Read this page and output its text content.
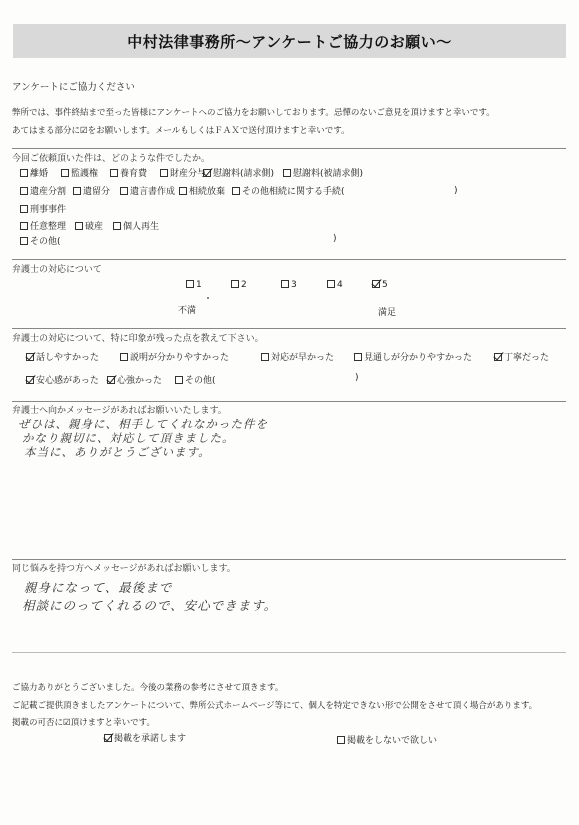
中村法律事務所〜アンケートご協力のお願い〜
アンケートにご協力ください
弊所では、事件終結まで至った皆様にアンケートへのご協力をお願いしております。忌憚のないご意見を頂けますと幸いです。
あてはまる部分に☑をお願いします。メールもしくはＦＡＸで送付頂けますと幸いです。
今回ご依頼頂いた件は、どのような件でしたか。
離婚	監護権	養育費	財産分与 慰謝料(請求側)	慰謝料(被請求側)
遺産分割	遺留分	遺言書作成	相続放棄	その他相続に関する手続(
刑事事件
任意整理	破産	個人再生
その他(
)
)
弁護士の対応について
1	2	3	4	5
不満	満足
弁護士の対応について、特に印象が残った点を教えて下さい。
話しやすかった	説明が分かりやすかった	対応が早かった	見通しが分かりやすかった	丁寧だった
安心感があった	心強かった	その他(	)
弁護士へ向かメッセージがあればお願いいたします。
ぜひは、親身に、相手してくれなかった件を
かなり親切に、対応して頂きました。
本当に、ありがとうございます。
同じ悩みを持つ方へメッセージがあればお願いします。
親身になって、最後まで
相談にのってくれるので、安心できます。
ご協力ありがとうございました。今後の業務の参考にさせて頂きます。
ご記載ご提供頂きましたアンケートについて、弊所公式ホームページ等にて、個人を特定できない形で公開をさせて頂く場合があります。
掲載の可否に☑頂けますと幸いです。
掲載を承諾します	掲載をしないで欲しい
